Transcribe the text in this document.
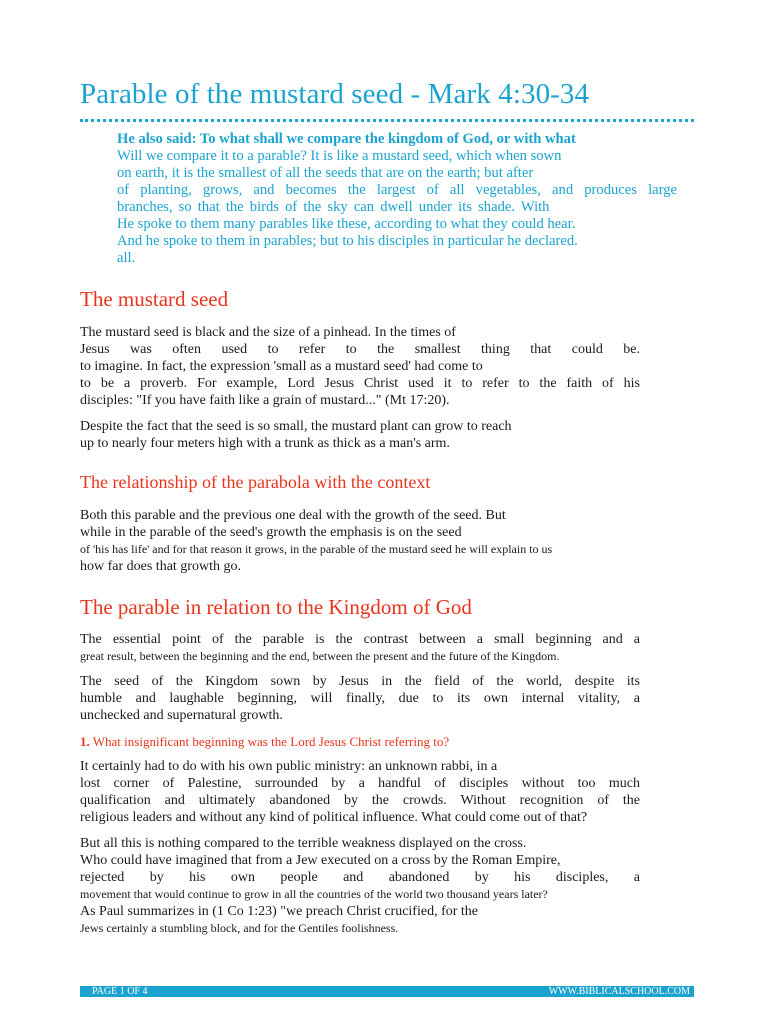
Parable of the mustard seed - Mark 4:30-34
He also said: To what shall we compare the kingdom of God, or with what
Will we compare it to a parable? It is like a mustard seed, which when sown
on earth, it is the smallest of all the seeds that are on the earth; but after
of planting, grows, and becomes the largest of all vegetables, and produces large
branches, so that the birds of the sky can dwell under its shade. With
He spoke to them many parables like these, according to what they could hear.
And he spoke to them in parables; but to his disciples in particular he declared.
all.
The mustard seed
The mustard seed is black and the size of a pinhead. In the times of
Jesus was often used to refer to the smallest thing that could be.
to imagine. In fact, the expression 'small as a mustard seed' had come to
to be a proverb. For example, Lord Jesus Christ used it to refer to the faith of his
disciples: "If you have faith like a grain of mustard..." (Mt 17:20).
Despite the fact that the seed is so small, the mustard plant can grow to reach
up to nearly four meters high with a trunk as thick as a man's arm.
The relationship of the parabola with the context
Both this parable and the previous one deal with the growth of the seed. But
while in the parable of the seed's growth the emphasis is on the seed
of 'his has life' and for that reason it grows, in the parable of the mustard seed he will explain to us
how far does that growth go.
The parable in relation to the Kingdom of God
The essential point of the parable is the contrast between a small beginning and a
great result, between the beginning and the end, between the present and the future of the Kingdom.
The seed of the Kingdom sown by Jesus in the field of the world, despite its
humble and laughable beginning, will finally, due to its own internal vitality, a
unchecked and supernatural growth.
1. What insignificant beginning was the Lord Jesus Christ referring to?
It certainly had to do with his own public ministry: an unknown rabbi, in a
lost corner of Palestine, surrounded by a handful of disciples without too much
qualification and ultimately abandoned by the crowds. Without recognition of the
religious leaders and without any kind of political influence. What could come out of that?
But all this is nothing compared to the terrible weakness displayed on the cross.
Who could have imagined that from a Jew executed on a cross by the Roman Empire,
rejected by his own people and abandoned by his disciples, a
movement that would continue to grow in all the countries of the world two thousand years later?
As Paul summarizes in (1 Co 1:23) "we preach Christ crucified, for the
Jews certainly a stumbling block, and for the Gentiles foolishness.
PAGE 1 OF 4	WWW.BIBLICALSCHOOL.COM
